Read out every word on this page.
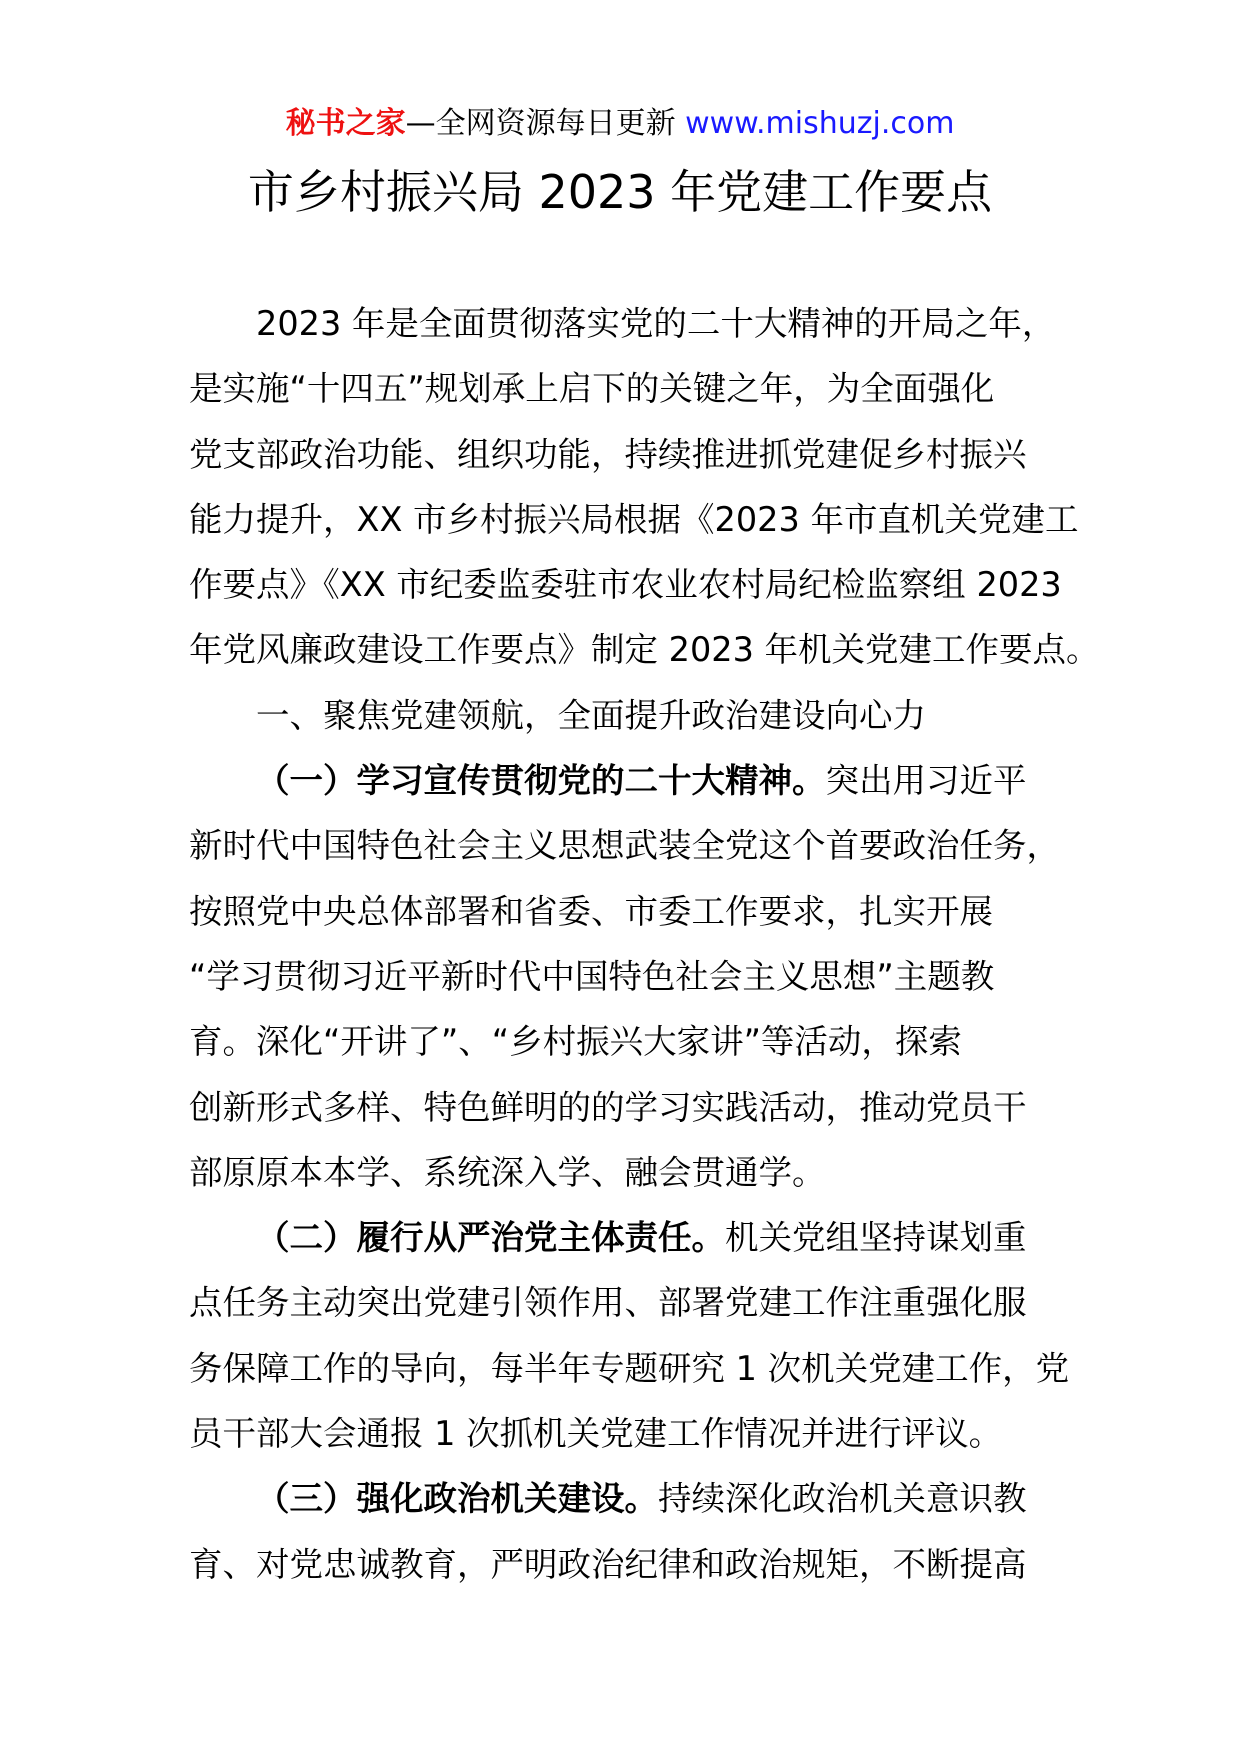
秘书之家—全网资源每日更新 www.mishuzj.com
市乡村振兴局 2023 年党建工作要点
2023 年是全面贯彻落实党的二十大精神的开局之年，
是实施“十四五”规划承上启下的关键之年，为全面强化
党支部政治功能、组织功能，持续推进抓党建促乡村振兴
能力提升，XX 市乡村振兴局根据《2023 年市直机关党建工
作要点》《XX 市纪委监委驻市农业农村局纪检监察组 2023
年党风廉政建设工作要点》制定 2023 年机关党建工作要点。
一、聚焦党建领航，全面提升政治建设向心力
（一）学习宣传贯彻党的二十大精神。突出用习近平
新时代中国特色社会主义思想武装全党这个首要政治任务，
按照党中央总体部署和省委、市委工作要求，扎实开展
“学习贯彻习近平新时代中国特色社会主义思想”主题教
育。深化“开讲了”、“乡村振兴大家讲”等活动，探索
创新形式多样、特色鲜明的的学习实践活动，推动党员干
部原原本本学、系统深入学、融会贯通学。
（二）履行从严治党主体责任。机关党组坚持谋划重
点任务主动突出党建引领作用、部署党建工作注重强化服
务保障工作的导向，每半年专题研究 1 次机关党建工作，党
员干部大会通报 1 次抓机关党建工作情况并进行评议。
（三）强化政治机关建设。持续深化政治机关意识教
育、对党忠诚教育，严明政治纪律和政治规矩，不断提高
